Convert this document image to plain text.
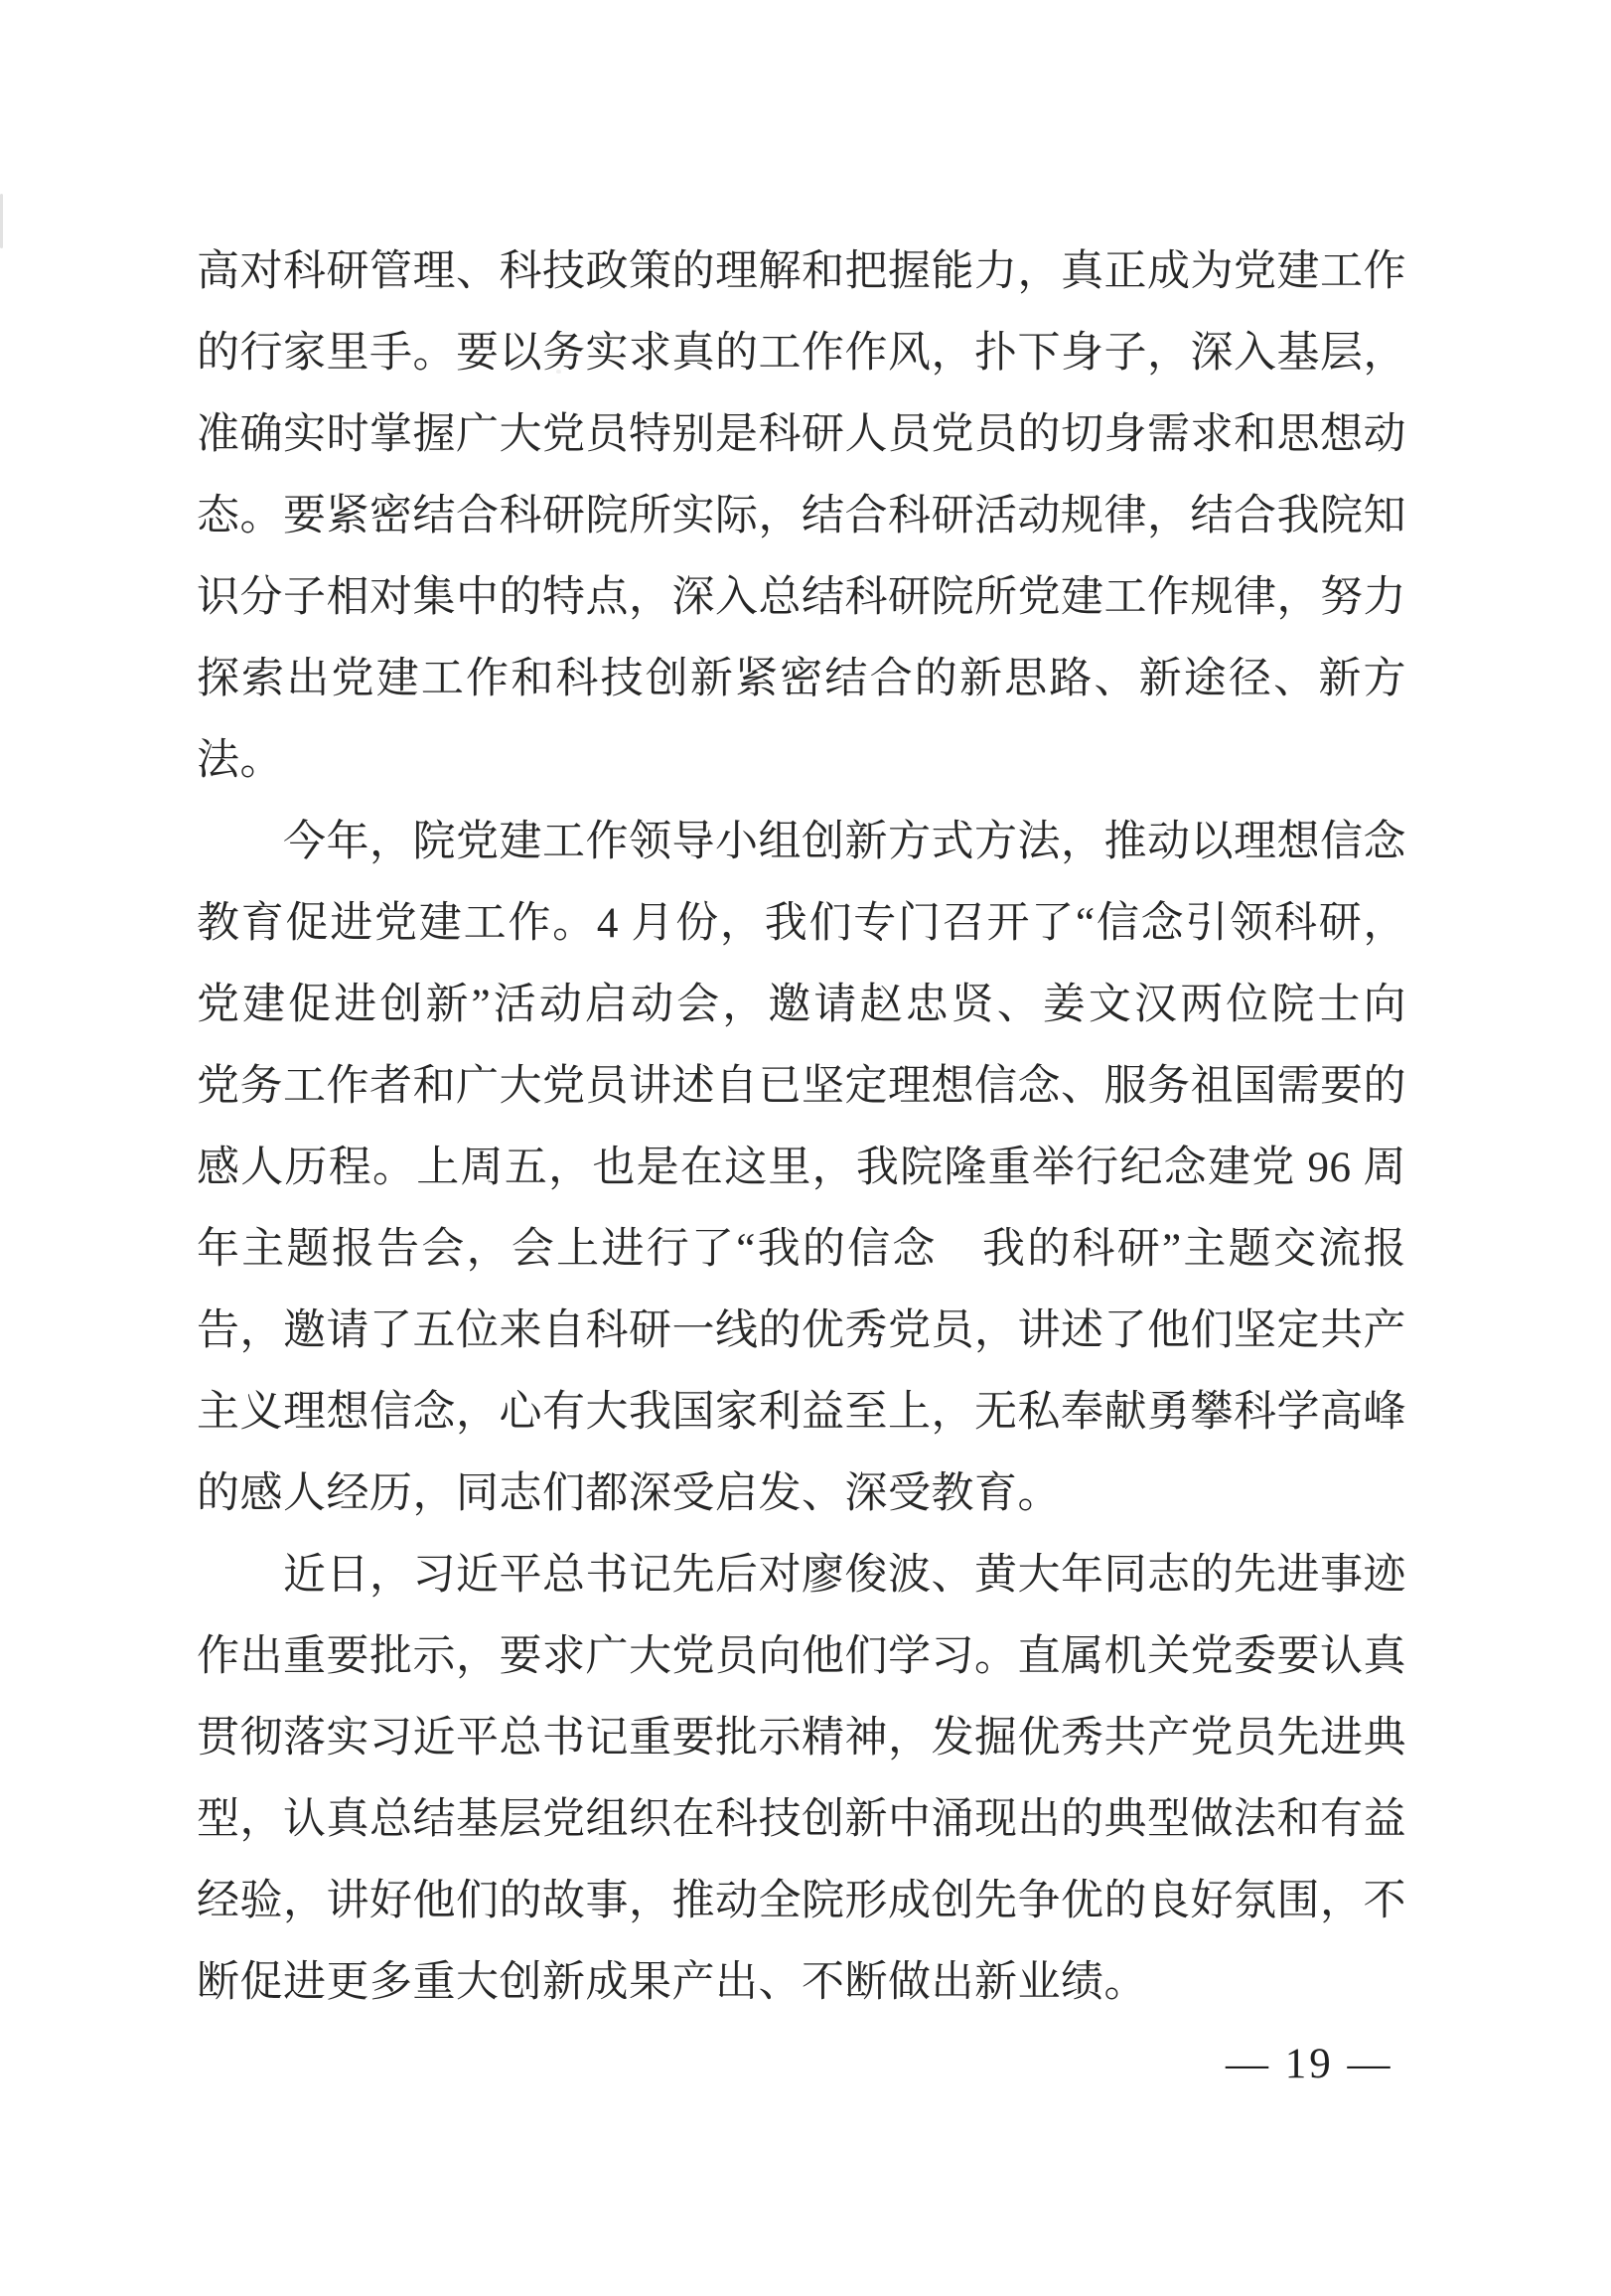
高对科研管理、科技政策的理解和把握能力，真正成为党建工作
的行家里手。要以务实求真的工作作风，扑下身子，深入基层，
准确实时掌握广大党员特别是科研人员党员的切身需求和思想动
态。要紧密结合科研院所实际，结合科研活动规律，结合我院知
识分子相对集中的特点，深入总结科研院所党建工作规律，努力
探索出党建工作和科技创新紧密结合的新思路、新途径、新方
法。
今年，院党建工作领导小组创新方式方法，推动以理想信念
教育促进党建工作。4 月份，我们专门召开了“信念引领科研，
党建促进创新”活动启动会，邀请赵忠贤、姜文汉两位院士向
党务工作者和广大党员讲述自已坚定理想信念、服务祖国需要的
感人历程。上周五，也是在这里，我院隆重举行纪念建党 96 周
年主题报告会，会上进行了“我的信念　我的科研”主题交流报
告，邀请了五位来自科研一线的优秀党员，讲述了他们坚定共产
主义理想信念，心有大我国家利益至上，无私奉献勇攀科学高峰
的感人经历，同志们都深受启发、深受教育。
近日，习近平总书记先后对廖俊波、黄大年同志的先进事迹
作出重要批示，要求广大党员向他们学习。直属机关党委要认真
贯彻落实习近平总书记重要批示精神，发掘优秀共产党员先进典
型，认真总结基层党组织在科技创新中涌现出的典型做法和有益
经验，讲好他们的故事，推动全院形成创先争优的良好氛围，不
断促进更多重大创新成果产出、不断做出新业绩。
— 19 —
